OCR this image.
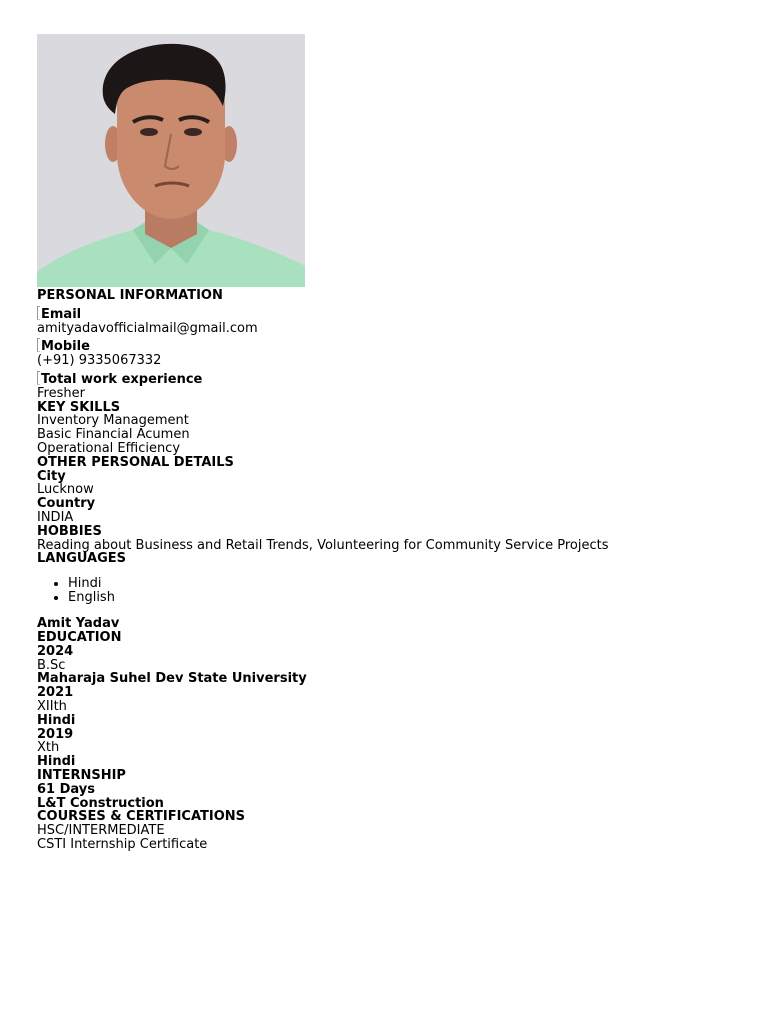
PERSONAL INFORMATION
Email
amityadavofficialmail@gmail.com
Mobile
(+91) 9335067332
Total work experience
Fresher
KEY SKILLS
Inventory Management
Basic Financial Acumen
Operational Efficiency
OTHER PERSONAL DETAILS
City
Lucknow
Country
INDIA
HOBBIES
Reading about Business and Retail Trends, Volunteering for Community Service Projects
LANGUAGES
• Hindi
• English
Amit Yadav
EDUCATION
2024
B.Sc
Maharaja Suhel Dev State University
2021
XIIth
Hindi
2019
Xth
Hindi
INTERNSHIP
61 Days
L&T Construction
COURSES & CERTIFICATIONS
HSC/INTERMEDIATE
CSTI Internship Certificate
